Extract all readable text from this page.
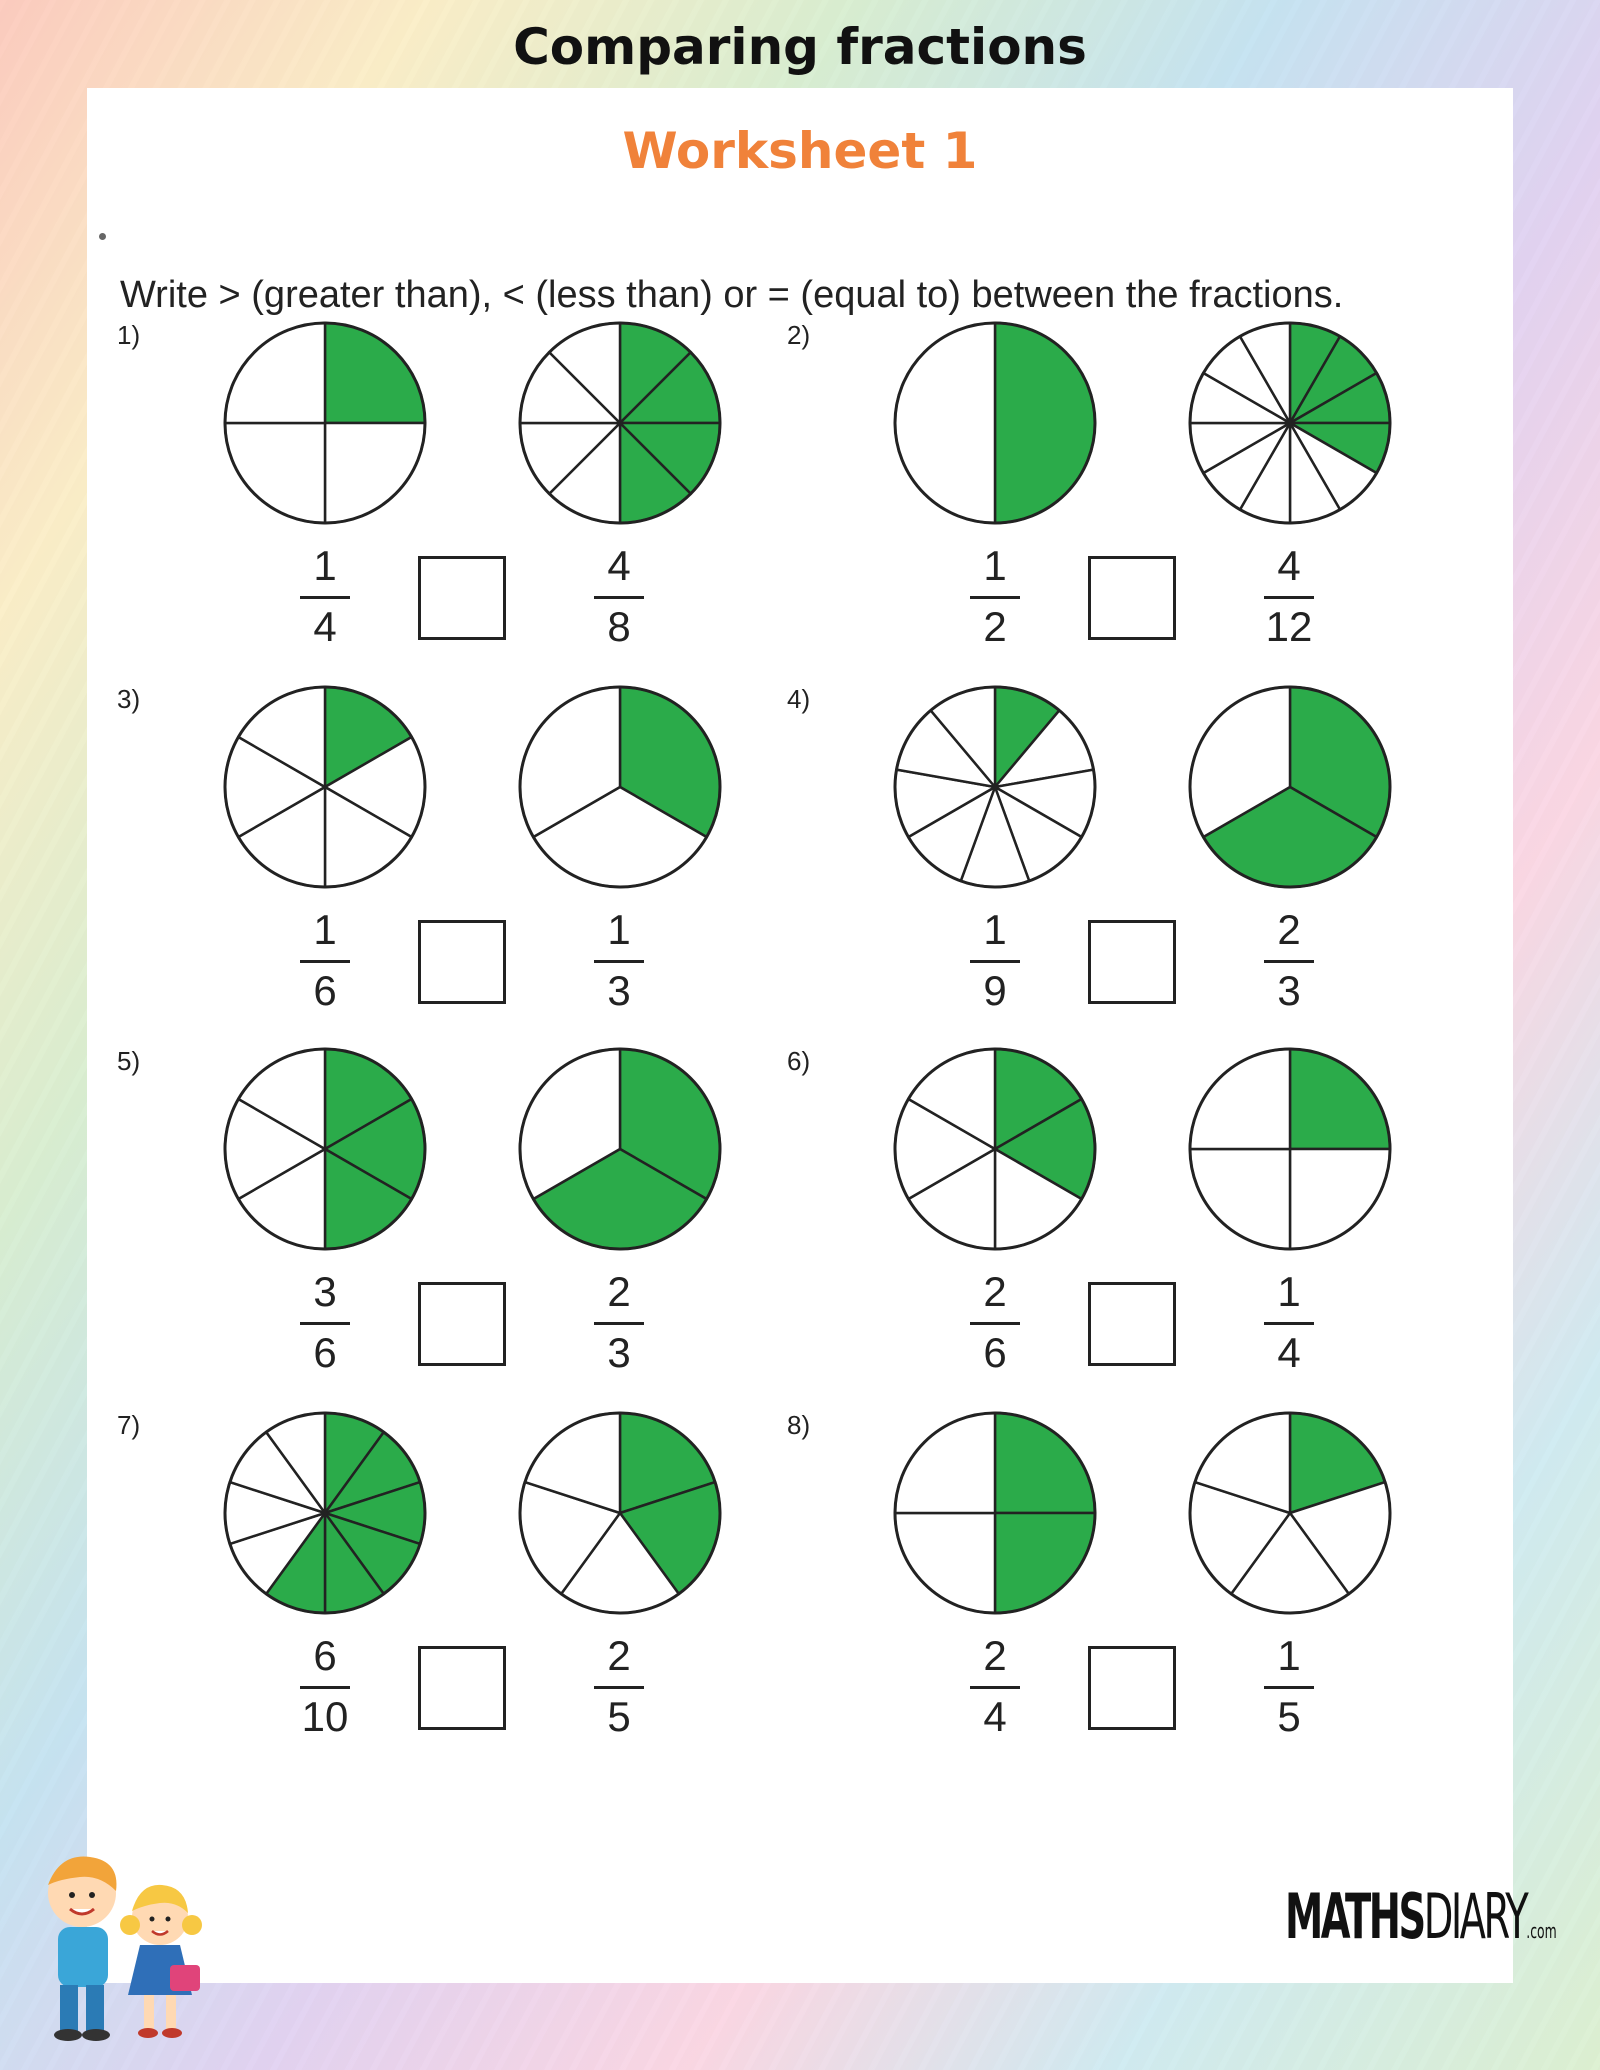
Comparing fractions
Worksheet 1
Write > (greater than), < (less than) or = (equal to) between the fractions.
1)
1
4
4
8
2)
1
2
4
12
3)
1
6
1
3
4)
1
9
2
3
5)
3
6
2
3
6)
2
6
1
4
7)
6
10
2
5
8)
2
4
1
5
MATHSDIARY.com
